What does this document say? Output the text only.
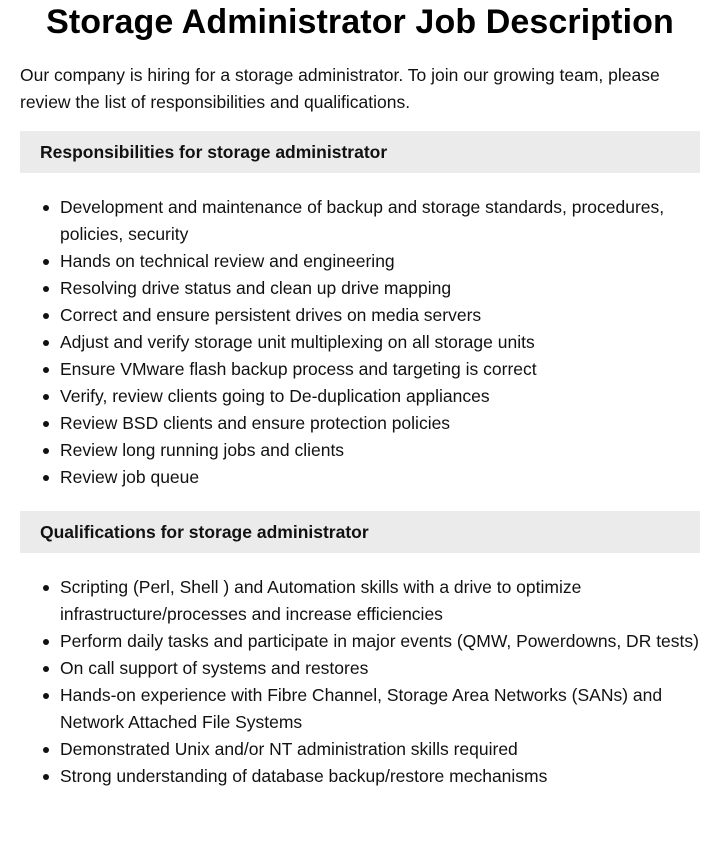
Storage Administrator Job Description

Our company is hiring for a storage administrator. To join our growing team, please review the list of responsibilities and qualifications.

Responsibilities for storage administrator
Development and maintenance of backup and storage standards, procedures, policies, security
Hands on technical review and engineering
Resolving drive status and clean up drive mapping
Correct and ensure persistent drives on media servers
Adjust and verify storage unit multiplexing on all storage units
Ensure VMware flash backup process and targeting is correct
Verify, review clients going to De-duplication appliances
Review BSD clients and ensure protection policies
Review long running jobs and clients
Review job queue
Qualifications for storage administrator
Scripting (Perl, Shell ) and Automation skills with a drive to optimize infrastructure/processes and increase efficiencies
Perform daily tasks and participate in major events (QMW, Powerdowns, DR tests)
On call support of systems and restores
Hands-on experience with Fibre Channel, Storage Area Networks (SANs) and Network Attached File Systems
Demonstrated Unix and/or NT administration skills required
Strong understanding of database backup/restore mechanisms
